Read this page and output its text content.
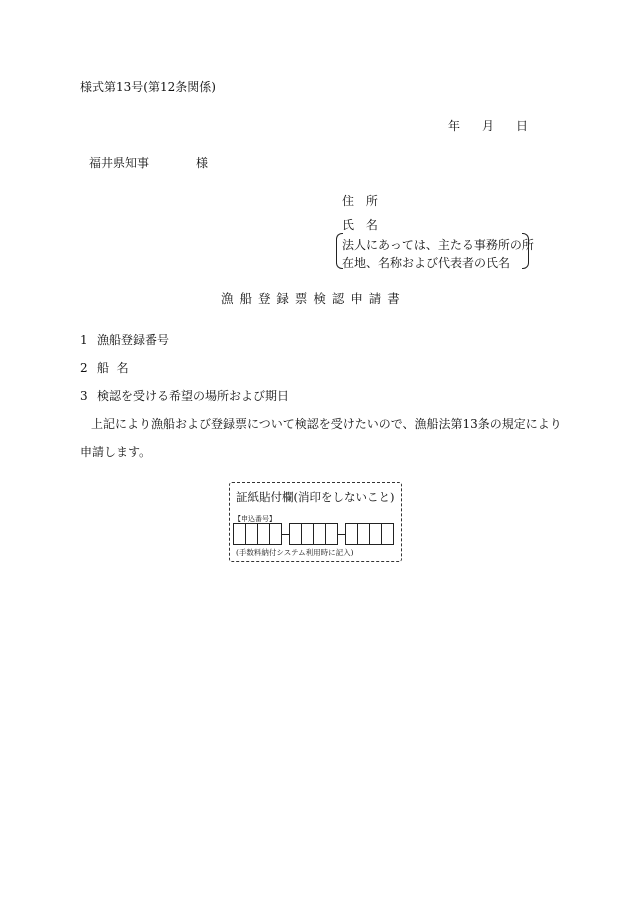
様式第13号(第12条関係)
年 月 日
福井県知事	様
住 所
氏 名
法人にあっては、主たる事務所の所
在地、名称および代表者の氏名
漁 船 登 録 票 検 認 申 請 書
1 漁船登録番号
2 船  名
3 検認を受ける希望の場所および期日
上記により漁船および登録票について検認を受けたいので、漁船法第13条の規定により
申請します。
証紙貼付欄(消印をしないこと)
【申込番号】
(手数料納付システム利用時に記入)
